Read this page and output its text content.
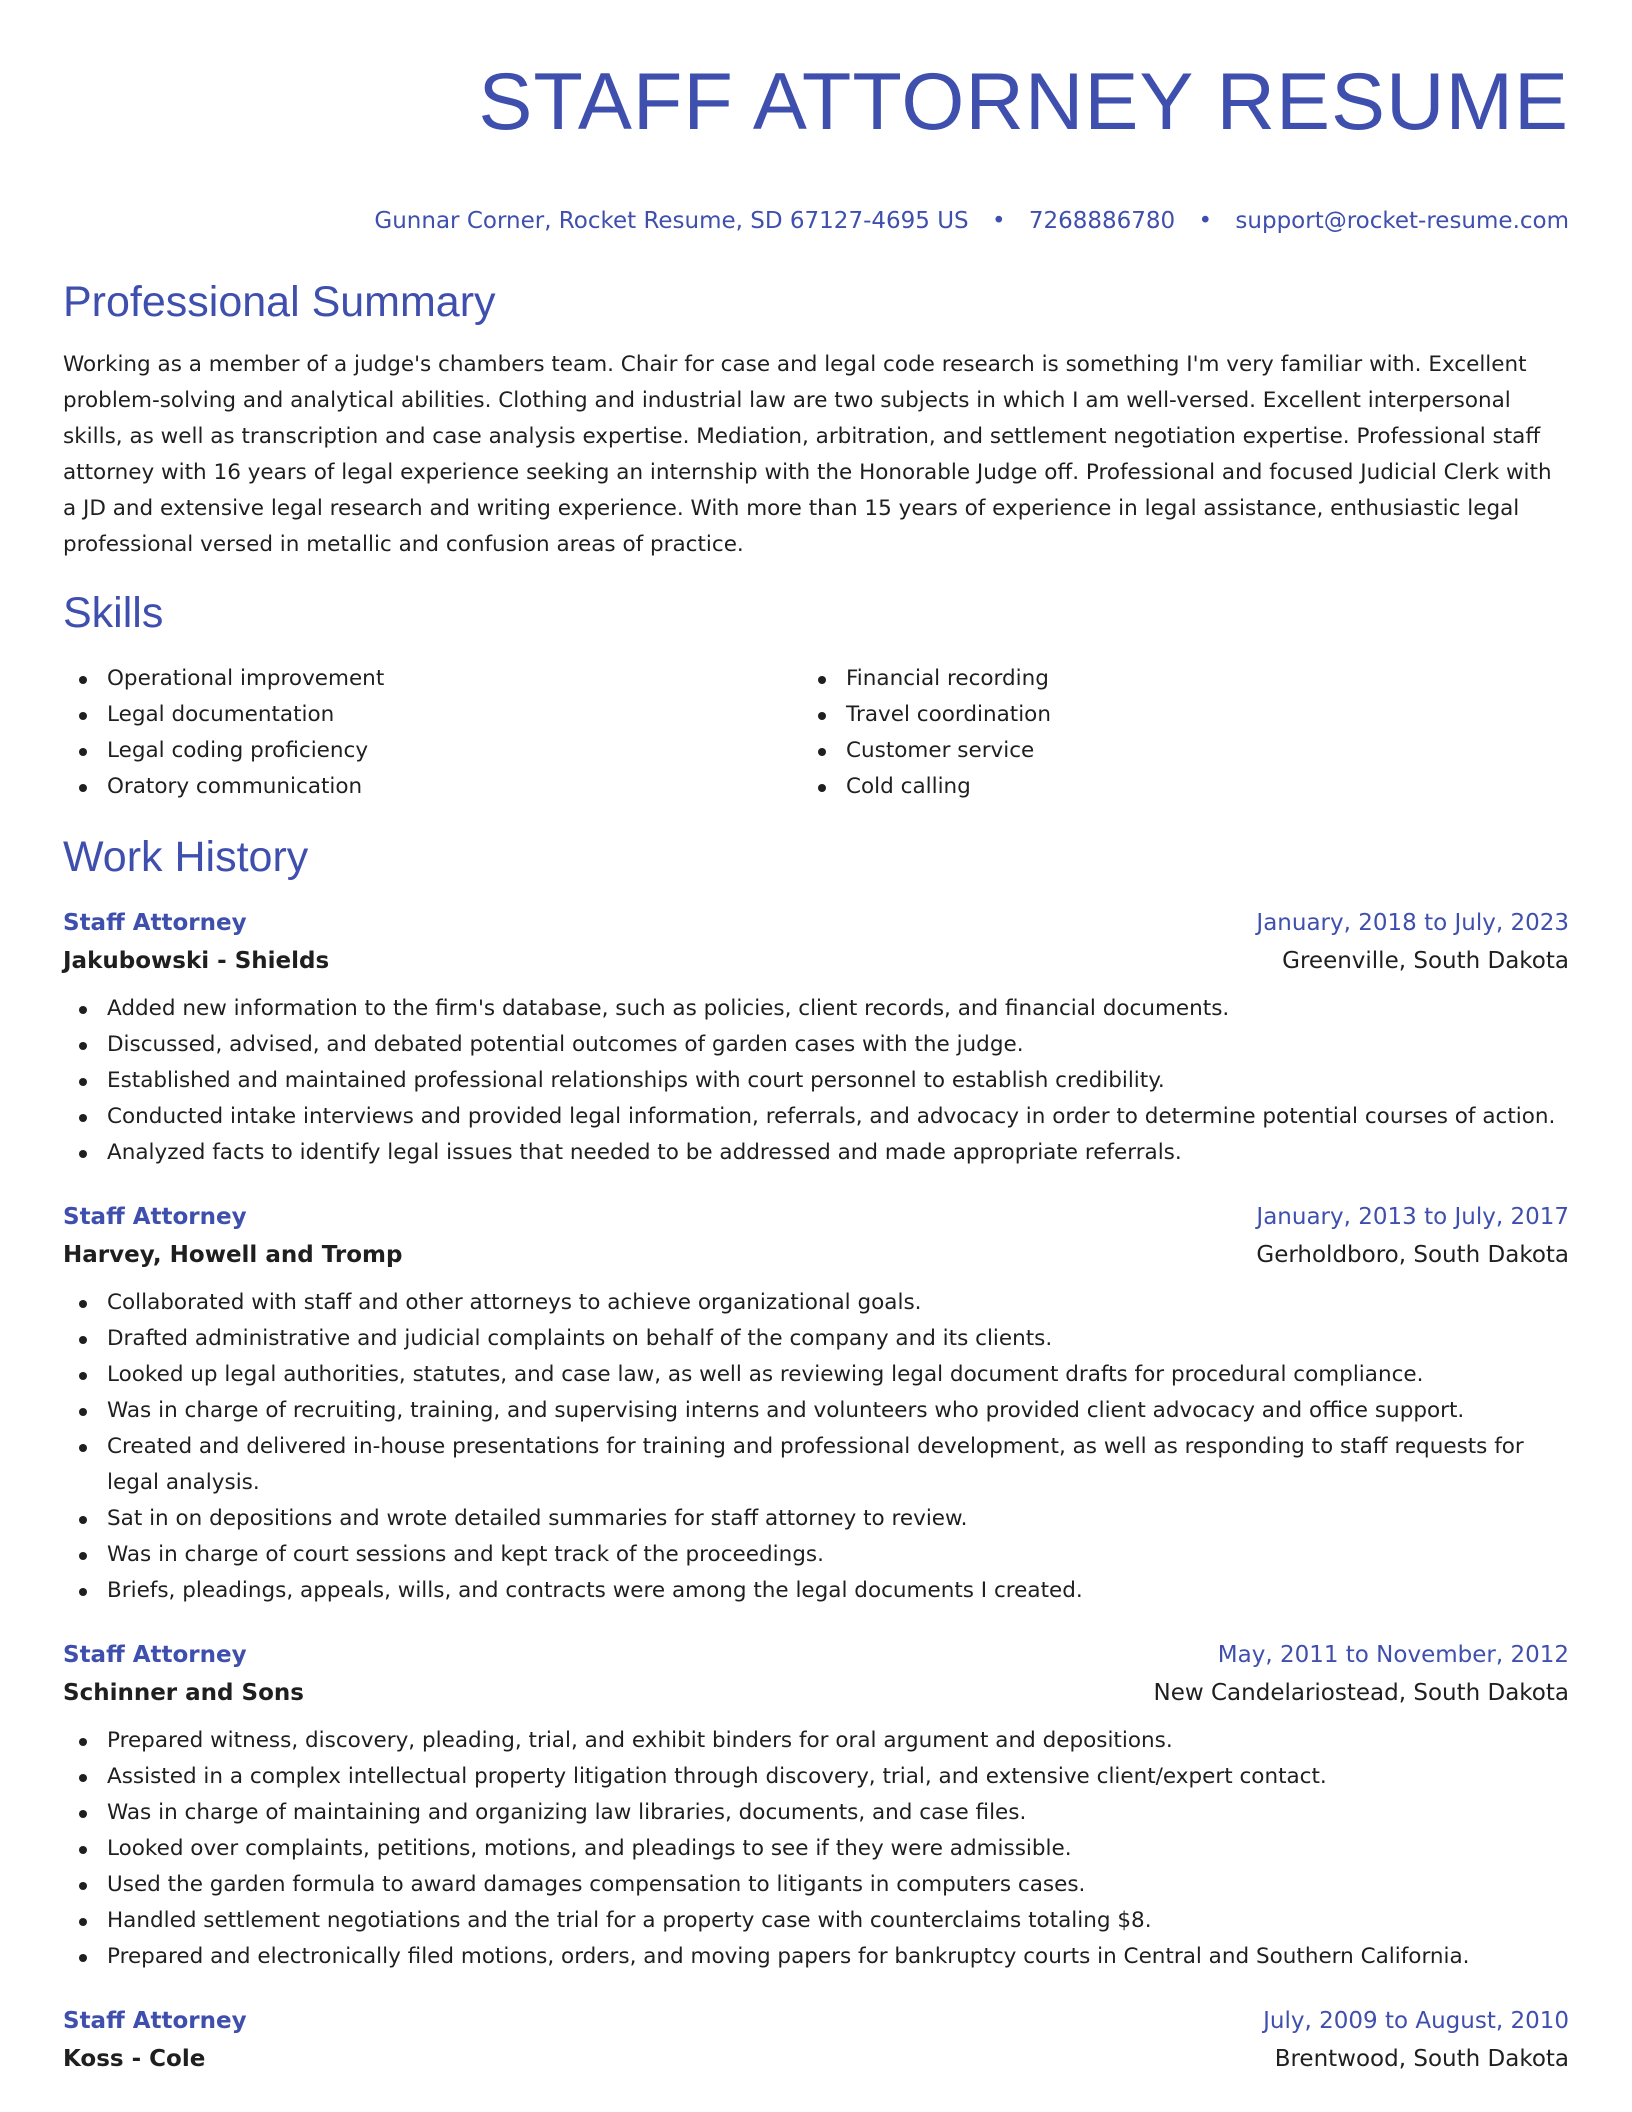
STAFF ATTORNEY RESUME
Gunnar Corner, Rocket Resume, SD 67127-4695 US • 7268886780 • support@rocket-resume.com
Professional Summary

Working as a member of a judge's chambers team. Chair for case and legal code research is something I'm very familiar with. Excellent problem-solving and analytical abilities. Clothing and industrial law are two subjects in which I am well-versed. Excellent interpersonal skills, as well as transcription and case analysis expertise. Mediation, arbitration, and settlement negotiation expertise. Professional staff attorney with 16 years of legal experience seeking an internship with the Honorable Judge off. Professional and focused Judicial Clerk with a JD and extensive legal research and writing experience. With more than 15 years of experience in legal assistance, enthusiastic legal professional versed in metallic and confusion areas of practice.

Skills
Operational improvement
Legal documentation
Legal coding proficiency
Oratory communication
Financial recording
Travel coordination
Customer service
Cold calling
Work History
Staff Attorney	January, 2018 to July, 2023
Jakubowski - Shields	Greenville, South Dakota
Added new information to the firm's database, such as policies, client records, and financial documents.
Discussed, advised, and debated potential outcomes of garden cases with the judge.
Established and maintained professional relationships with court personnel to establish credibility.
Conducted intake interviews and provided legal information, referrals, and advocacy in order to determine potential courses of action.
Analyzed facts to identify legal issues that needed to be addressed and made appropriate referrals.
Staff Attorney	January, 2013 to July, 2017
Harvey, Howell and Tromp	Gerholdboro, South Dakota
Collaborated with staff and other attorneys to achieve organizational goals.
Drafted administrative and judicial complaints on behalf of the company and its clients.
Looked up legal authorities, statutes, and case law, as well as reviewing legal document drafts for procedural compliance.
Was in charge of recruiting, training, and supervising interns and volunteers who provided client advocacy and office support.
Created and delivered in-house presentations for training and professional development, as well as responding to staff requests for legal analysis.
Sat in on depositions and wrote detailed summaries for staff attorney to review.
Was in charge of court sessions and kept track of the proceedings.
Briefs, pleadings, appeals, wills, and contracts were among the legal documents I created.
Staff Attorney	May, 2011 to November, 2012
Schinner and Sons	New Candelariostead, South Dakota
Prepared witness, discovery, pleading, trial, and exhibit binders for oral argument and depositions.
Assisted in a complex intellectual property litigation through discovery, trial, and extensive client/expert contact.
Was in charge of maintaining and organizing law libraries, documents, and case files.
Looked over complaints, petitions, motions, and pleadings to see if they were admissible.
Used the garden formula to award damages compensation to litigants in computers cases.
Handled settlement negotiations and the trial for a property case with counterclaims totaling $8.
Prepared and electronically filed motions, orders, and moving papers for bankruptcy courts in Central and Southern California.
Staff Attorney	July, 2009 to August, 2010
Koss - Cole	Brentwood, South Dakota
